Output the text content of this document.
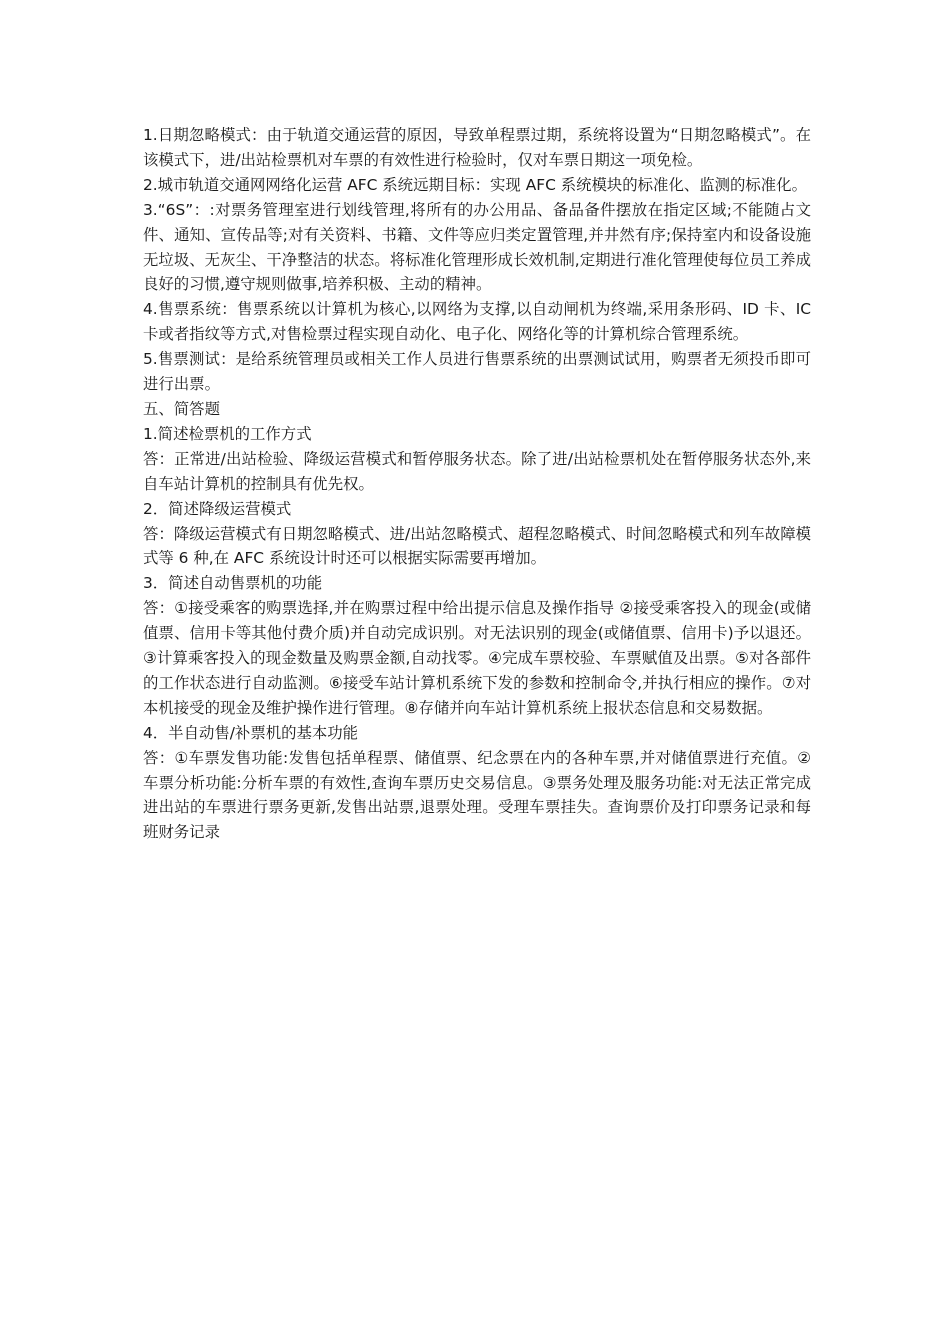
1.日期忽略模式：由于轨道交通运营的原因，导致单程票过期，系统将设置为“日期忽略模式”。在该模式下，进/出站检票机对车票的有效性进行检验时，仅对车票日期这一项免检。

2.城市轨道交通网网络化运营 AFC 系统远期目标：实现 AFC 系统模块的标准化、监测的标准化。

3.“6S”：:对票务管理室进行划线管理,将所有的办公用品、备品备件摆放在指定区域;不能随占文件、通知、宣传品等;对有关资料、书籍、文件等应归类定置管理,并井然有序;保持室内和设备设施无垃圾、无灰尘、干净整洁的状态。将标准化管理形成长效机制,定期进行准化管理使每位员工养成良好的习惯,遵守规则做事,培养积极、主动的精神。

4.售票系统：售票系统以计算机为核心,以网络为支撑,以自动闸机为终端,采用条形码、ID 卡、IC 卡或者指纹等方式,对售检票过程实现自动化、电子化、网络化等的计算机综合管理系统。

5.售票测试：是给系统管理员或相关工作人员进行售票系统的出票测试试用，购票者无须投币即可进行出票。

五、简答题

1.简述检票机的工作方式

答：正常进/出站检验、降级运营模式和暂停服务状态。除了进/出站检票机处在暂停服务状态外,来自车站计算机的控制具有优先权。

2．简述降级运营模式

答：降级运营模式有日期忽略模式、进/出站忽略模式、超程忽略模式、时间忽略模式和列车故障模式等 6 种,在 AFC 系统设计时还可以根据实际需要再增加。

3．简述自动售票机的功能

答：①接受乘客的购票选择,并在购票过程中给出提示信息及操作指导 ②接受乘客投入的现金(或储值票、信用卡等其他付费介质)并自动完成识别。对无法识别的现金(或储值票、信用卡)予以退还。③计算乘客投入的现金数量及购票金额,自动找零。④完成车票校验、车票赋值及出票。⑤对各部件的工作状态进行自动监测。⑥接受车站计算机系统下发的参数和控制命令,并执行相应的操作。⑦对本机接受的现金及维护操作进行管理。⑧存储并向车站计算机系统上报状态信息和交易数据。

4．半自动售/补票机的基本功能

答：①车票发售功能:发售包括单程票、储值票、纪念票在内的各种车票,并对储值票进行充值。②车票分析功能:分析车票的有效性,查询车票历史交易信息。③票务处理及服务功能:对无法正常完成进出站的车票进行票务更新,发售出站票,退票处理。受理车票挂失。查询票价及打印票务记录和每班财务记录
